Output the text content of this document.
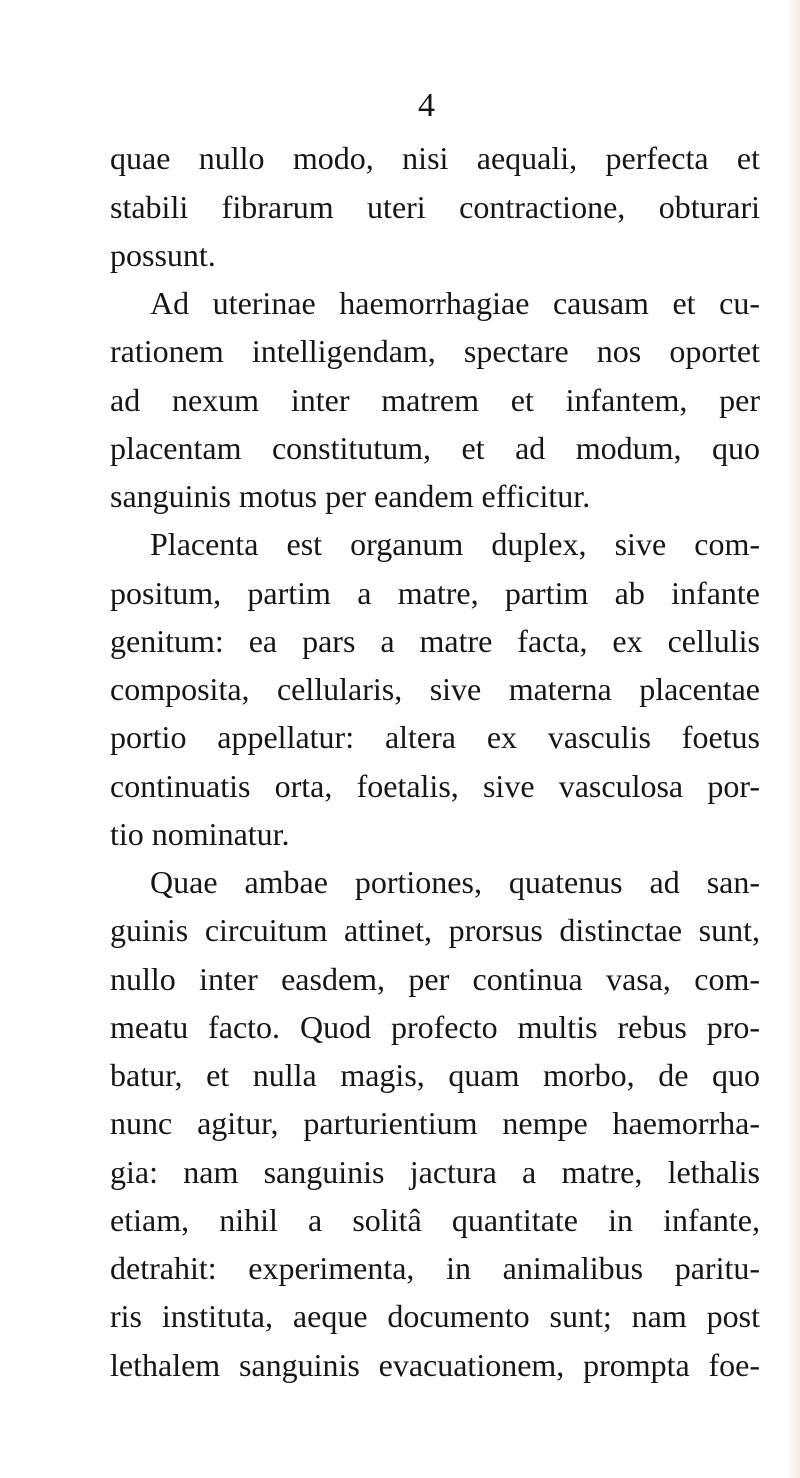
4
quae nullo modo, nisi aequali, perfecta et
stabili fibrarum uteri contractione, obturari
possunt.
Ad uterinae haemorrhagiae causam et cu-
rationem intelligendam, spectare nos oportet
ad nexum inter matrem et infantem, per
placentam constitutum, et ad modum, quo
sanguinis motus per eandem efficitur.
Placenta est organum duplex, sive com-
positum, partim a matre, partim ab infante
genitum: ea pars a matre facta, ex cellulis
composita, cellularis, sive materna placentae
portio appellatur: altera ex vasculis foetus
continuatis orta, foetalis, sive vasculosa por-
tio nominatur.
Quae ambae portiones, quatenus ad san-
guinis circuitum attinet, prorsus distinctae sunt,
nullo inter easdem, per continua vasa, com-
meatu facto. Quod profecto multis rebus pro-
batur, et nulla magis, quam morbo, de quo
nunc agitur, parturientium nempe haemorrha-
gia: nam sanguinis jactura a matre, lethalis
etiam, nihil a solitâ quantitate in infante,
detrahit: experimenta, in animalibus paritu-
ris instituta, aeque documento sunt; nam post
lethalem sanguinis evacuationem, prompta foe-
